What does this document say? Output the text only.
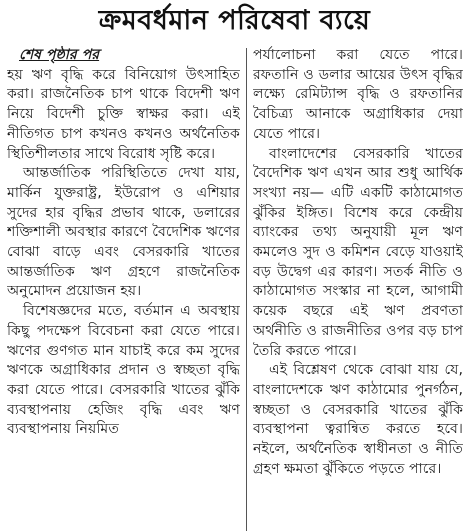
ক্রমবর্ধমান পরিষেবা ব্যয়ে

শেষ পৃষ্ঠার পর

হয় ঋণ বৃদ্ধি করে বিনিয়োগ উৎসাহিত করা। রাজনৈতিক চাপ থাকে বিদেশী ঋণ নিয়ে বিদেশী চুক্তি স্বাক্ষর করা। এই নীতিগত চাপ কখনও কখনও অর্থনৈতিক স্থিতিশীলতার সাথে বিরোধ সৃষ্টি করে।

আন্তর্জাতিক পরিস্থিতিতে দেখা যায়, মার্কিন যুক্তরাষ্ট্র, ইউরোপ ও এশিয়ার সুদের হার বৃদ্ধির প্রভাব থাকে, ডলারের শক্তিশালী অবস্থার কারণে বৈদেশিক ঋণের বোঝা বাড়ে এবং বেসরকারি খাতের আন্তর্জাতিক ঋণ গ্রহণে রাজনৈতিক অনুমোদন প্রয়োজন হয়।

বিশেষজ্ঞদের মতে, বর্তমান এ অবস্থায় কিছু পদক্ষেপ বিবেচনা করা যেতে পারে। ঋণের গুণগত মান যাচাই করে কম সুদের ঋণকে অগ্রাধিকার প্রদান ও স্বচ্ছতা বৃদ্ধি করা যেতে পারে। বেসরকারি খাতের ঝুঁকি ব্যবস্থাপনায় হেজিং বৃদ্ধি এবং ঋণ ব্যবস্থাপনায় নিয়মিত

পর্যালোচনা করা যেতে পারে। রফতানি ও ডলার আয়ের উৎস বৃদ্ধির লক্ষ্যে রেমিট্যান্স বৃদ্ধি ও রফতানির বৈচিত্র্য আনাকে অগ্রাধিকার দেয়া যেতে পারে।

বাংলাদেশের বেসরকারি খাতের বৈদেশিক ঋণ এখন আর শুধু আর্থিক সংখ্যা নয়— এটি একটি কাঠামোগত ঝুঁকির ইঙ্গিত। বিশেষ করে কেন্দ্রীয় ব্যাংকের তথ্য অনুযায়ী মূল ঋণ কমলেও সুদ ও কমিশন বেড়ে যাওয়াই বড় উদ্বেগ এর কারণ। সতর্ক নীতি ও কাঠামোগত সংস্কার না হলে, আগামী কয়েক বছরে এই ঋণ প্রবণতা অর্থনীতি ও রাজনীতির ওপর বড় চাপ তৈরি করতে পারে।

এই বিশ্লেষণ থেকে বোঝা যায় যে, বাংলাদেশকে ঋণ কাঠামোর পুনর্গঠন, স্বচ্ছতা ও বেসরকারি খাতের ঝুঁকি ব্যবস্থাপনা ত্বরান্বিত করতে হবে। নইলে, অর্থনৈতিক স্বাধীনতা ও নীতি গ্রহণ ক্ষমতা ঝুঁকিতে পড়তে পারে।
